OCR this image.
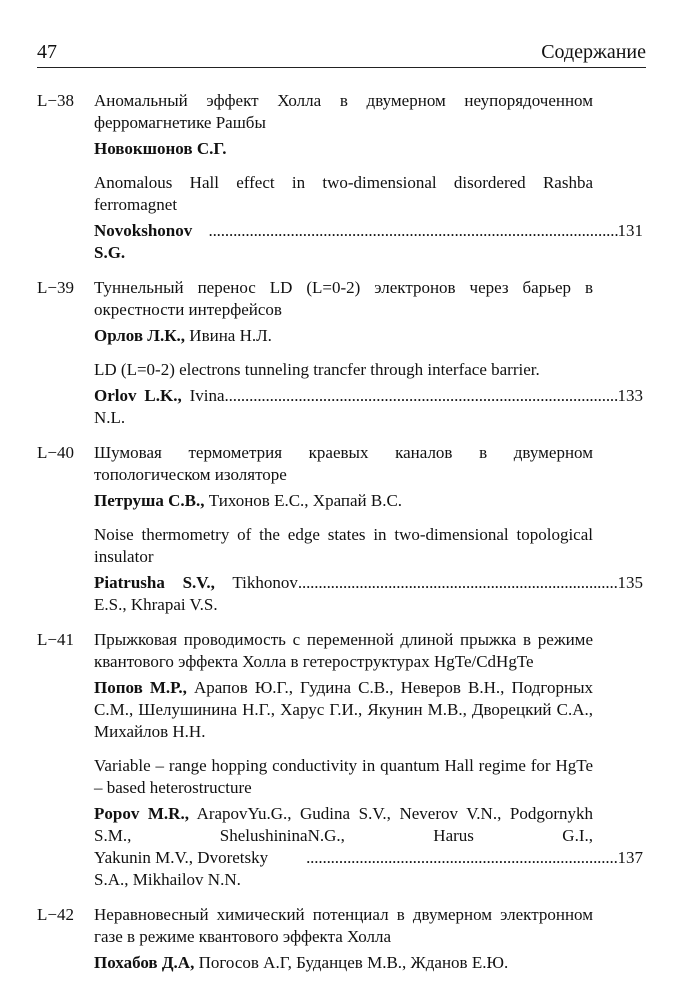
47	Содержание
L−38 Аномальный эффект Холла в двумерном неупорядоченном ферромагнетике Рашбы
Новокшонов С.Г.
Anomalous Hall effect in two-dimensional disordered Rashba ferromagnet
Novokshonov S.G.
. . .
131
L−39 Туннельный перенос LD (L=0-2) электронов через барьер в окрестности интерфейсов
Орлов Л.К., Ивина Н.Л.
LD (L=0-2) electrons tunneling trancfer through interface barrier.
Orlov L.K., Ivina N.L.
. . .
133
L−40 Шумовая термометрия краевых каналов в двумерном топологическом изоляторе
Петруша С.В., Тихонов Е.С., Храпай В.С.
Noise thermometry of the edge states in two-dimensional topological insulator
Piatrusha S.V., Tikhonov E.S., Khrapai V.S.
. . .
135
L−41 Прыжковая проводимость с переменной длиной прыжка в режиме квантового эффекта Холла в гетероструктурах HgTe/CdHgTe
Попов М.Р., Арапов Ю.Г., Гудина С.В., Неверов В.Н., Подгорных С.М., Шелушинина Н.Г., Харус Г.И., Якунин М.В., Дворецкий С.А., Михайлов Н.Н.
Variable – range hopping conductivity in quantum Hall regime for HgTe – based heterostructure
Popov M.R., ArapovYu.G., Gudina S.V., Neverov V.N., Podgornykh S.M., ShelushininaN.G., Harus G.I.,
Yakunin M.V., Dvoretsky S.A., Mikhailov N.N.
. . .
137
L−42 Неравновесный химический потенциал в двумерном электронном газе в режиме квантового эффекта Холла
Похабов Д.А, Погосов А.Г, Буданцев М.В., Жданов Е.Ю.
